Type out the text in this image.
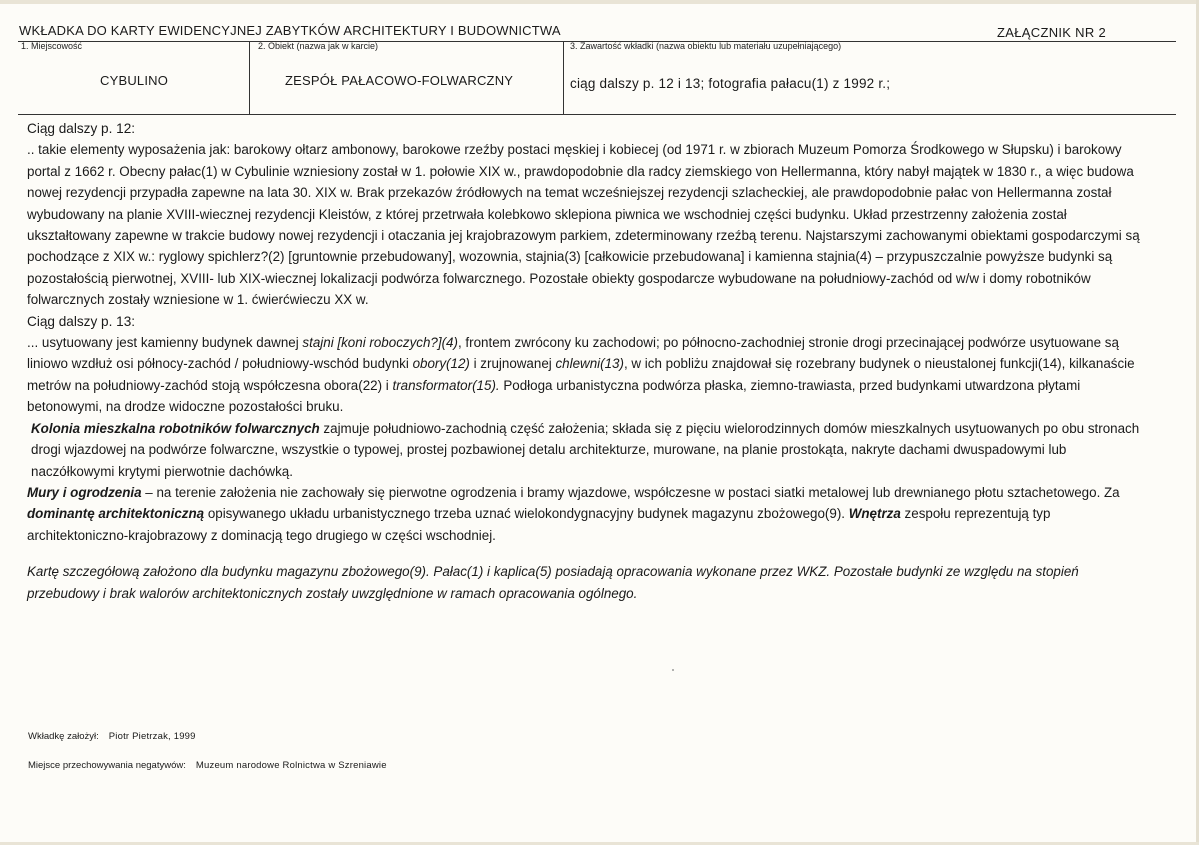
WKŁADKA DO KARTY EWIDENCYJNEJ ZABYTKÓW ARCHITEKTURY I BUDOWNICTWA	ZAŁĄCZNIK NR 2
1. Miejscowość	2. Obiekt (nazwa jak w karcie)	3. Zawartość wkładki (nazwa obiektu lub materiału uzupełniającego)
CYBULINO	ZESPÓŁ PAŁACOWO-FOLWARCZNY	ciąg dalszy p. 12 i 13; fotografia pałacu(1) z 1992 r.;

Ciąg dalszy p. 12:

.. takie elementy wyposażenia jak: barokowy ołtarz ambonowy, barokowe rzeźby postaci męskiej i kobiecej (od 1971 r. w zbiorach Muzeum Pomorza Środkowego w Słupsku) i barokowy portal z 1662 r. Obecny pałac(1) w Cybulinie wzniesiony został w 1. połowie XIX w., prawdopodobnie dla radcy ziemskiego von Hellermanna, który nabył majątek w 1830 r., a więc budowa nowej rezydencji przypadła zapewne na lata 30. XIX w. Brak przekazów źródłowych na temat wcześniejszej rezydencji szlacheckiej, ale prawdopodobnie pałac von Hellermanna został wybudowany na planie XVIII-wiecznej rezydencji Kleistów, z której przetrwała kolebkowo sklepiona piwnica we wschodniej części budynku. Układ przestrzenny założenia został ukształtowany zapewne w trakcie budowy nowej rezydencji i otaczania jej krajobrazowym parkiem, zdeterminowany rzeźbą terenu. Najstarszymi zachowanymi obiektami gospodarczymi są pochodzące z XIX w.: ryglowy spichlerz?(2) [gruntownie przebudowany], wozownia, stajnia(3) [całkowicie przebudowana] i kamienna stajnia(4) – przypuszczalnie powyższe budynki są pozostałością pierwotnej, XVIII- lub XIX-wiecznej lokalizacji podwórza folwarcznego. Pozostałe obiekty gospodarcze wybudowane na południowy-zachód od w/w i domy robotników folwarcznych zostały wzniesione w 1. ćwierćwieczu XX w.

Ciąg dalszy p. 13:

... usytuowany jest kamienny budynek dawnej stajni [koni roboczych?](4), frontem zwrócony ku zachodowi; po północno-zachodniej stronie drogi przecinającej podwórze usytuowane są liniowo wzdłuż osi północy-zachód / południowy-wschód budynki obory(12) i zrujnowanej chlewni(13), w ich pobliżu znajdował się rozebrany budynek o nieustalonej funkcji(14), kilkanaście metrów na południowy-zachód stoją współczesna obora(22) i transformator(15). Podłoga urbanistyczna podwórza płaska, ziemno-trawiasta, przed budynkami utwardzona płytami betonowymi, na drodze widoczne pozostałości bruku.

Kolonia mieszkalna robotników folwarcznych zajmuje południowo-zachodnią część założenia; składa się z pięciu wielorodzinnych domów mieszkalnych usytuowanych po obu stronach drogi wjazdowej na podwórze folwarczne, wszystkie o typowej, prostej pozbawionej detalu architekturze, murowane, na planie prostokąta, nakryte dachami dwuspadowymi lub naczółkowymi krytymi pierwotnie dachówką.

Mury i ogrodzenia – na terenie założenia nie zachowały się pierwotne ogrodzenia i bramy wjazdowe, współczesne w postaci siatki metalowej lub drewnianego płotu sztachetowego. Za dominantę architektoniczną opisywanego układu urbanistycznego trzeba uznać wielokondygnacyjny budynek magazynu zbożowego(9). Wnętrza zespołu reprezentują typ architektoniczno-krajobrazowy z dominacją tego drugiego w części wschodniej.

Kartę szczegółową założono dla budynku magazynu zbożowego(9). Pałac(1) i kaplica(5) posiadają opracowania wykonane przez WKZ. Pozostałe budynki ze względu na stopień przebudowy i brak walorów architektonicznych zostały uwzględnione w ramach opracowania ogólnego.

Wkładkę założył: Piotr Pietrzak, 1999
Miejsce przechowywania negatywów: Muzeum narodowe Rolnictwa w Szreniawie
